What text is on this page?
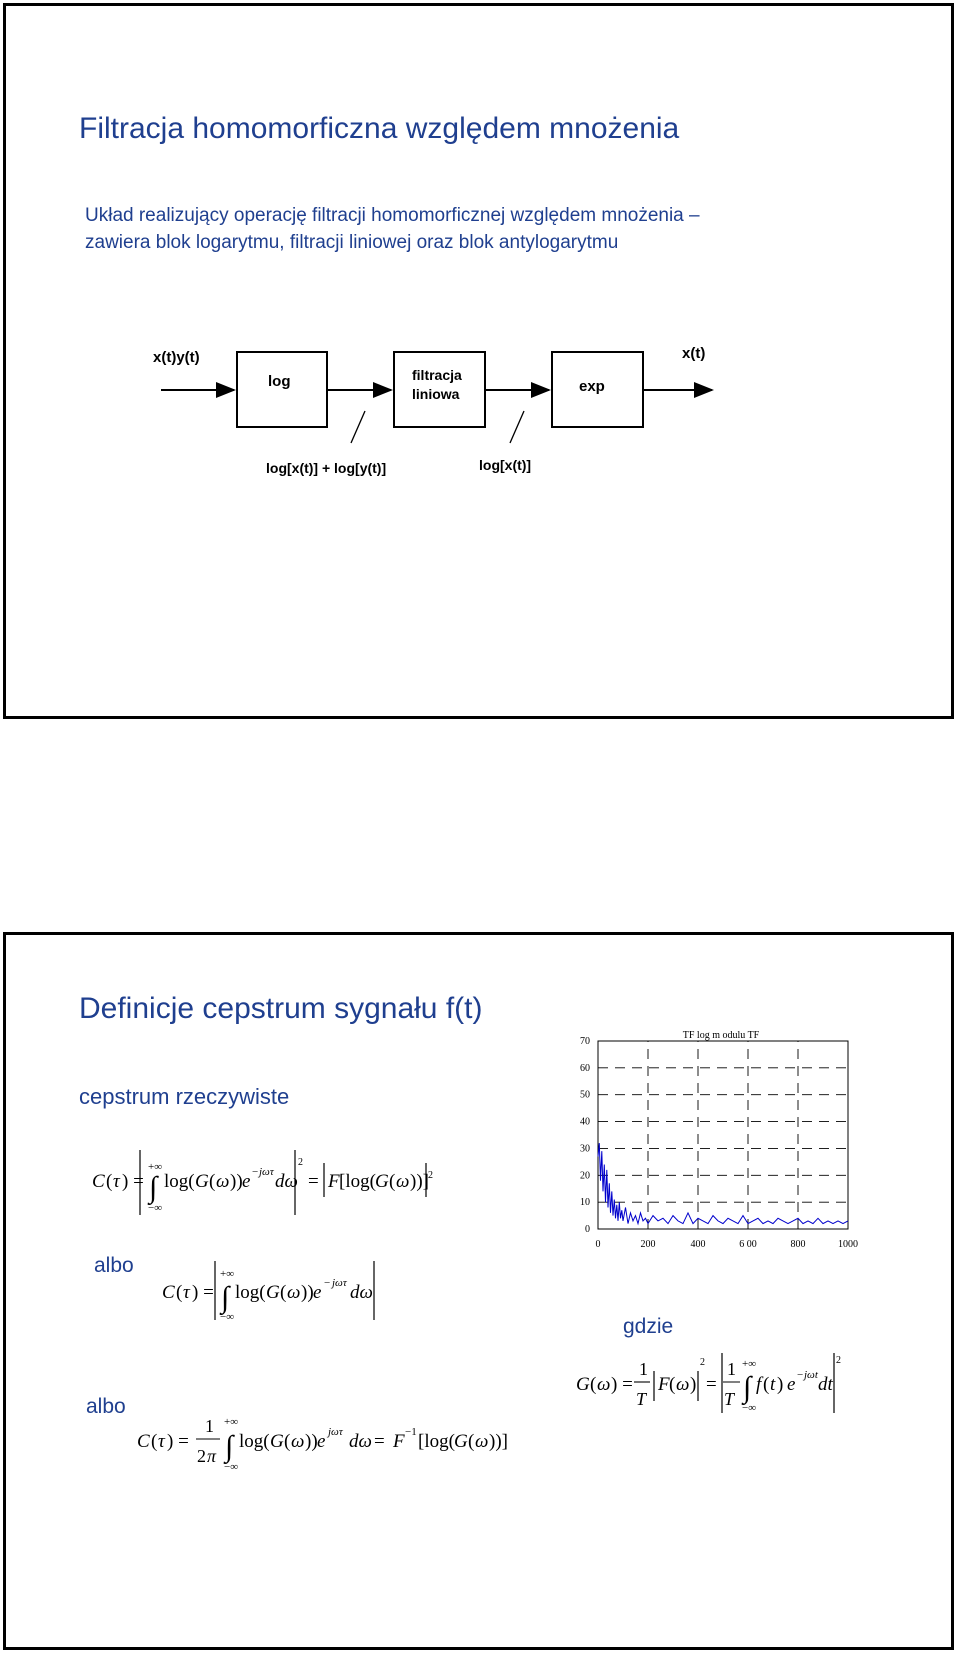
Filtracja homomorficzna względem mnożenia
Układ realizujący operację filtracji homomorficznej względem mnożenia –
zawiera blok logarytmu, filtracji liniowej oraz blok antylogarytmu
x(t)y(t)
log	filtracja
liniowa	exp
x(t)
log[x(t)] + log[y(t)]	log[x(t)]
Definicje cepstrum sygnału f(t)
cepstrum rzeczywiste
albo
albo
gdzie
C ( τ ) =
+∞
∫
−∞
log( G ( ω )) e − jωτ dω
2
= F [log( G ( ω ))] 2
C ( τ ) =
+∞
∫
−∞
log( G ( ω )) e − jωτ dω
C ( τ ) =
1
2 π
+∞
∫
−∞
log( G ( ω )) e jωτ dω = F −1 [log( G ( ω ))]
G ( ω ) =
1
T
F ( ω )
2
=
1
T
+∞
∫
−∞
f ( t ) e − jωt dt
2
TF log m odulu TF
0
10
20
30
40
50
60
70
0	200	400	6 00	800	1000
